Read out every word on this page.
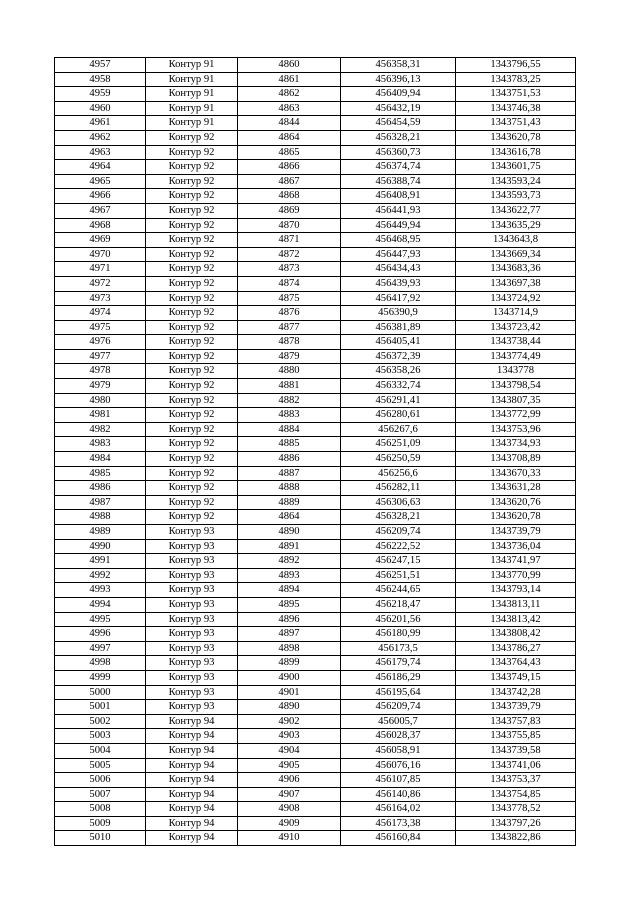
4957	Контур 91	4860	456358,31	1343796,55
4958	Контур 91	4861	456396,13	1343783,25
4959	Контур 91	4862	456409,94	1343751,53
4960	Контур 91	4863	456432,19	1343746,38
4961	Контур 91	4844	456454,59	1343751,43
4962	Контур 92	4864	456328,21	1343620,78
4963	Контур 92	4865	456360,73	1343616,78
4964	Контур 92	4866	456374,74	1343601,75
4965	Контур 92	4867	456388,74	1343593,24
4966	Контур 92	4868	456408,91	1343593,73
4967	Контур 92	4869	456441,93	1343622,77
4968	Контур 92	4870	456449,94	1343635,29
4969	Контур 92	4871	456468,95	1343643,8
4970	Контур 92	4872	456447,93	1343669,34
4971	Контур 92	4873	456434,43	1343683,36
4972	Контур 92	4874	456439,93	1343697,38
4973	Контур 92	4875	456417,92	1343724,92
4974	Контур 92	4876	456390,9	1343714,9
4975	Контур 92	4877	456381,89	1343723,42
4976	Контур 92	4878	456405,41	1343738,44
4977	Контур 92	4879	456372,39	1343774,49
4978	Контур 92	4880	456358,26	1343778
4979	Контур 92	4881	456332,74	1343798,54
4980	Контур 92	4882	456291,41	1343807,35
4981	Контур 92	4883	456280,61	1343772,99
4982	Контур 92	4884	456267,6	1343753,96
4983	Контур 92	4885	456251,09	1343734,93
4984	Контур 92	4886	456250,59	1343708,89
4985	Контур 92	4887	456256,6	1343670,33
4986	Контур 92	4888	456282,11	1343631,28
4987	Контур 92	4889	456306,63	1343620,76
4988	Контур 92	4864	456328,21	1343620,78
4989	Контур 93	4890	456209,74	1343739,79
4990	Контур 93	4891	456222,52	1343736,04
4991	Контур 93	4892	456247,15	1343741,97
4992	Контур 93	4893	456251,51	1343770,99
4993	Контур 93	4894	456244,65	1343793,14
4994	Контур 93	4895	456218,47	1343813,11
4995	Контур 93	4896	456201,56	1343813,42
4996	Контур 93	4897	456180,99	1343808,42
4997	Контур 93	4898	456173,5	1343786,27
4998	Контур 93	4899	456179,74	1343764,43
4999	Контур 93	4900	456186,29	1343749,15
5000	Контур 93	4901	456195,64	1343742,28
5001	Контур 93	4890	456209,74	1343739,79
5002	Контур 94	4902	456005,7	1343757,83
5003	Контур 94	4903	456028,37	1343755,85
5004	Контур 94	4904	456058,91	1343739,58
5005	Контур 94	4905	456076,16	1343741,06
5006	Контур 94	4906	456107,85	1343753,37
5007	Контур 94	4907	456140,86	1343754,85
5008	Контур 94	4908	456164,02	1343778,52
5009	Контур 94	4909	456173,38	1343797,26
5010	Контур 94	4910	456160,84	1343822,86
